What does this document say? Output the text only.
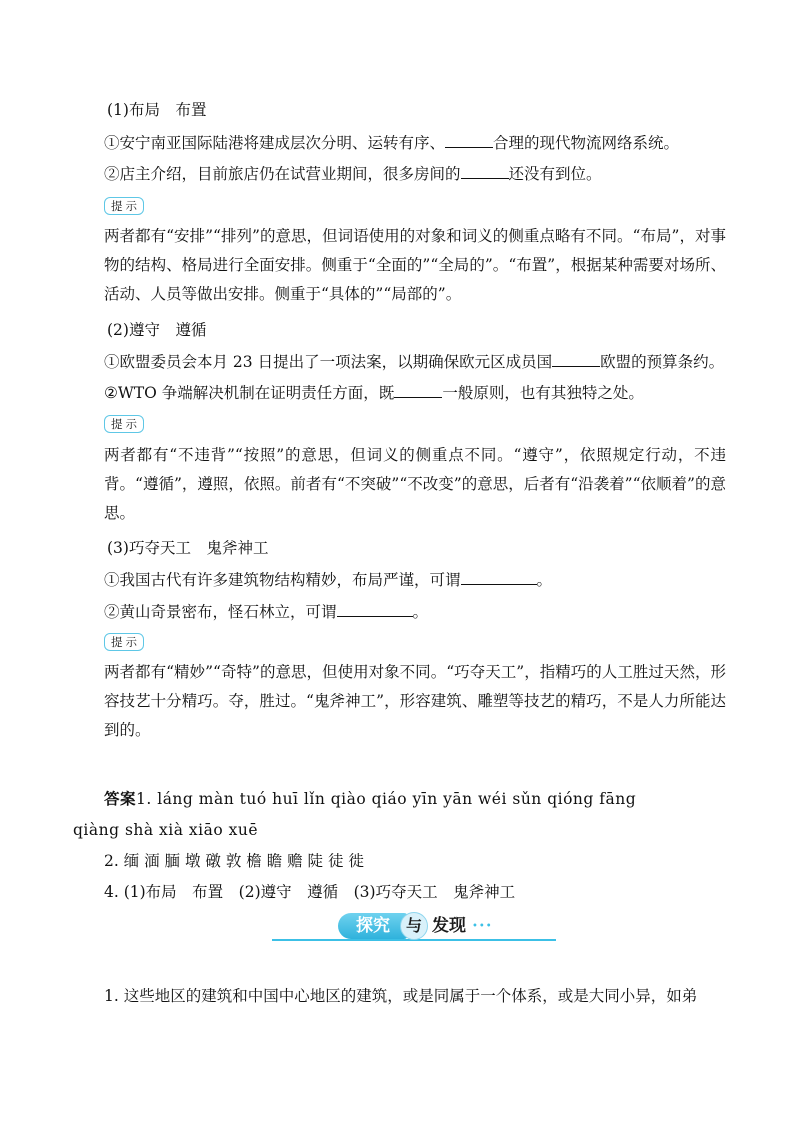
(1)布局　布置
①安宁南亚国际陆港将建成层次分明、运转有序、	合理的现代物流网络系统。
②店主介绍，目前旅店仍在试营业期间，很多房间的	还没有到位。
提示
两者都有“安排”“排列”的意思，但词语使用的对象和词义的侧重点略有不同。“布局”，对事物的结构、格局进行全面安排。侧重于“全面的”“全局的”。“布置”，根据某种需要对场所、活动、人员等做出安排。侧重于“具体的”“局部的”。
(2)遵守　遵循
①欧盟委员会本月 23 日提出了一项法案，以期确保欧元区成员国	欧盟的预算条约。
②WTO 争端解决机制在证明责任方面，既	一般原则，也有其独特之处。
提示
两者都有“不违背”“按照”的意思，但词义的侧重点不同。“遵守”，依照规定行动，不违背。“遵循”，遵照，依照。前者有“不突破”“不改变”的意思，后者有“沿袭着”“依顺着”的意思。
(3)巧夺天工　鬼斧神工
①我国古代有许多建筑物结构精妙，布局严谨，可谓	。
②黄山奇景密布，怪石林立，可谓	。
提示
两者都有“精妙”“奇特”的意思，但使用对象不同。“巧夺天工”，指精巧的人工胜过天然，形容技艺十分精巧。夺，胜过。“鬼斧神工”，形容建筑、雕塑等技艺的精巧，不是人力所能达到的。
答案1. láng màn tuó huī lǐn qiào qiáo yīn yān wéi sǔn qióng fāng
qiàng shà xià xiāo xuē
2. 缅 湎 腼 墩 礅 敦 檐 瞻 赡 陡 徒 徙
4. (1)布局　布置　(2)遵守　遵循　(3)巧夺天工　鬼斧神工
探究 与 发现 •••
1. 这些地区的建筑和中国中心地区的建筑，或是同属于一个体系，或是大同小异，如弟
